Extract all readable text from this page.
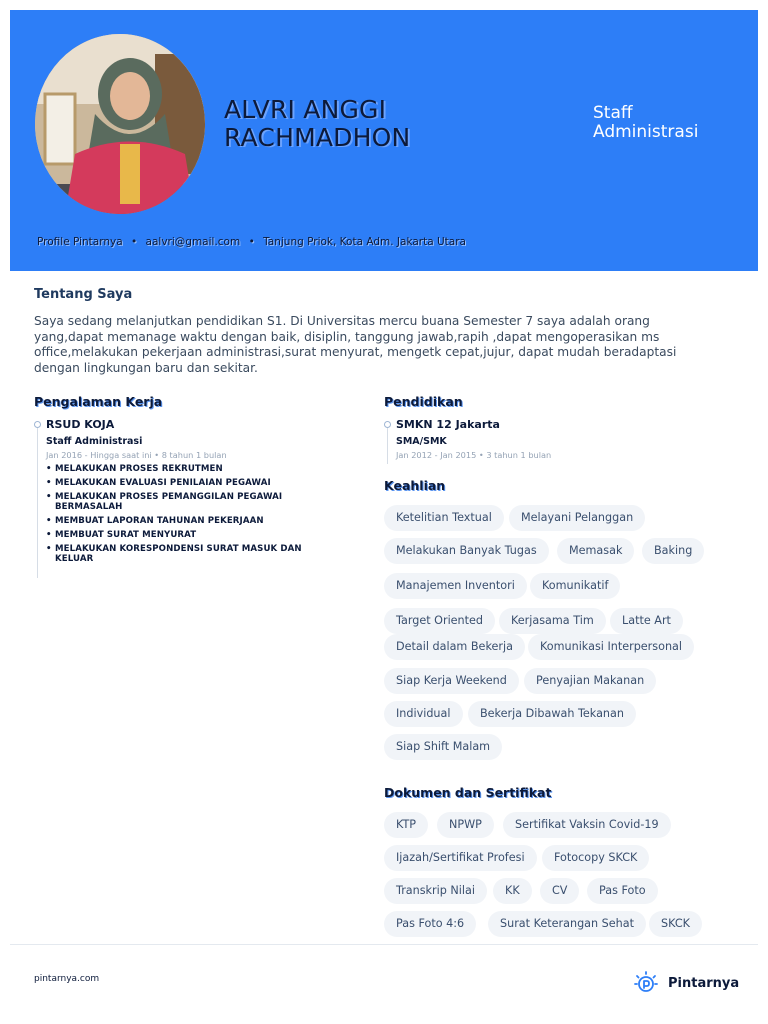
ALVRI ANGGI
RACHMADHON
Staff
Administrasi
Profile Pintarnya • aalvri@gmail.com • Tanjung Priok, Kota Adm. Jakarta Utara
Tentang Saya
Saya sedang melanjutkan pendidikan S1. Di Universitas mercu buana Semester 7 saya adalah orang yang,dapat memanage waktu dengan baik, disiplin, tanggung jawab,rapih ,dapat mengoperasikan ms office,melakukan pekerjaan administrasi,surat menyurat, mengetk cepat,jujur, dapat mudah beradaptasi dengan lingkungan baru dan sekitar.
Pengalaman Kerja
RSUD KOJA
Staff Administrasi
Jan 2016 - Hingga saat ini • 8 tahun 1 bulan
• MELAKUKAN PROSES REKRUTMEN
• MELAKUKAN EVALUASI PENILAIAN PEGAWAI
• MELAKUKAN PROSES PEMANGGILAN PEGAWAI BERMASALAH
• MEMBUAT LAPORAN TAHUNAN PEKERJAAN
• MEMBUAT SURAT MENYURAT
• MELAKUKAN KORESPONDENSI SURAT MASUK DAN KELUAR
Pendidikan
SMKN 12 Jakarta
SMA/SMK
Jan 2012 - Jan 2015 • 3 tahun 1 bulan
Keahlian
Ketelitian Textual	Melayani Pelanggan
Melakukan Banyak Tugas	Memasak	Baking
Manajemen Inventori	Komunikatif
Target Oriented	Kerjasama Tim	Latte Art
Detail dalam Bekerja	Komunikasi Interpersonal
Siap Kerja Weekend	Penyajian Makanan
Individual	Bekerja Dibawah Tekanan
Siap Shift Malam
Dokumen dan Sertifikat
KTP	NPWP	Sertifikat Vaksin Covid-19
Ijazah/Sertifikat Profesi	Fotocopy SKCK
Transkrip Nilai	KK	CV	Pas Foto
Pas Foto 4:6	Surat Keterangan Sehat	SKCK
pintarnya.com	Pintarnya
